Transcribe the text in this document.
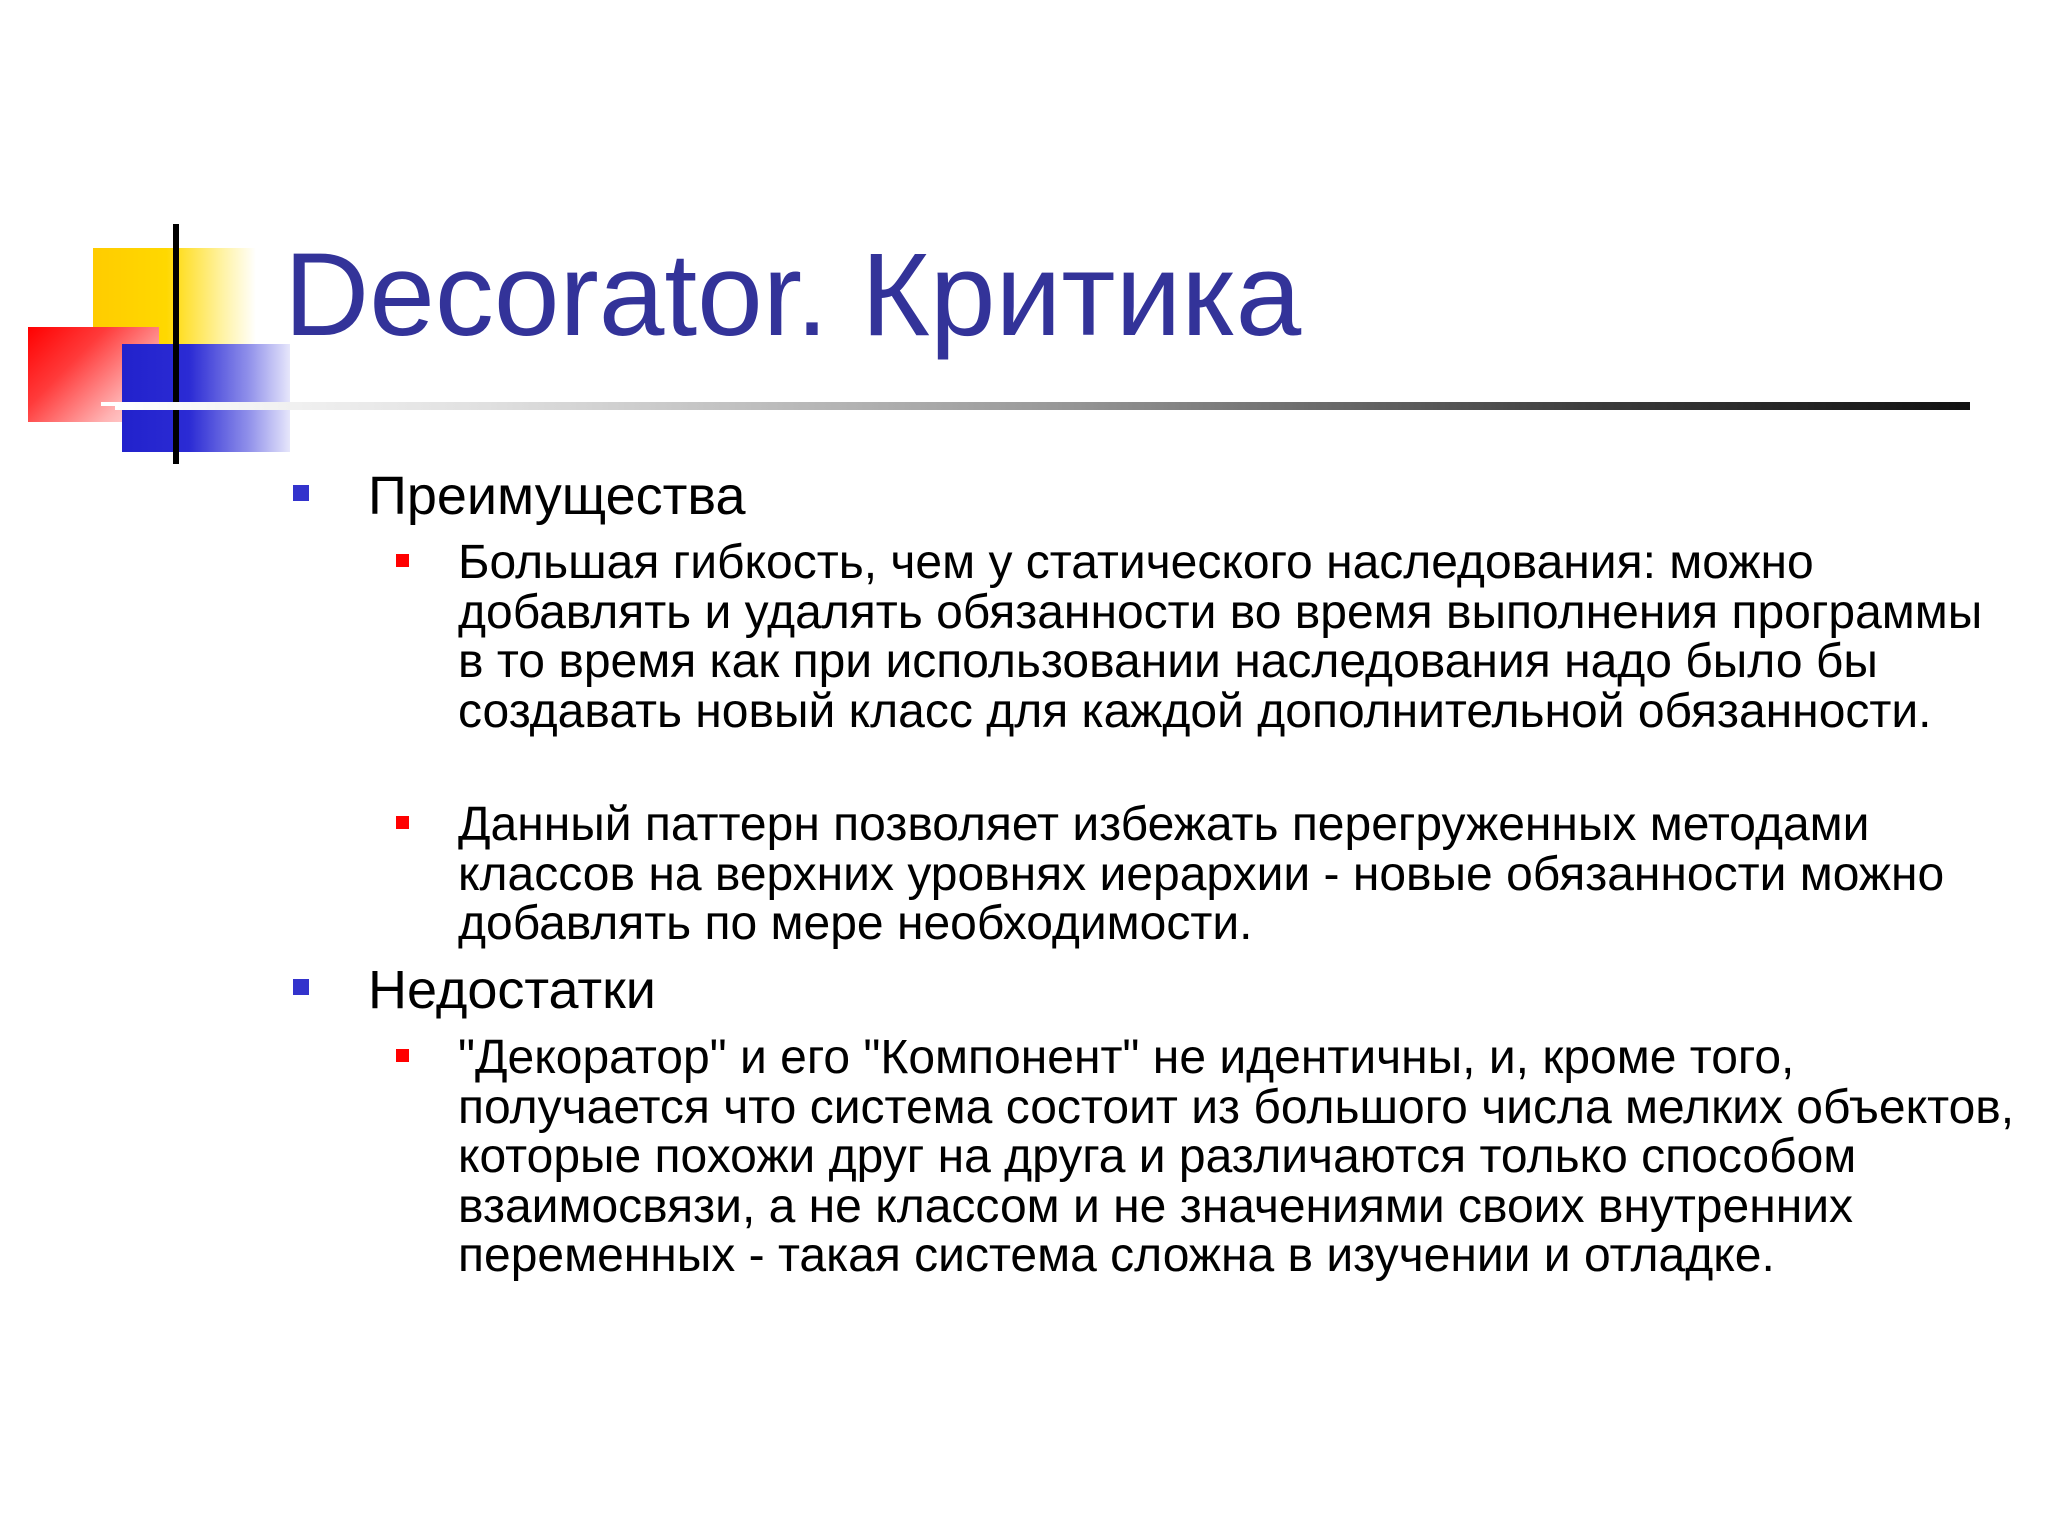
Decorator. Критика
Преимущества
Большая гибкость, чем у статического наследования: можно добавлять и удалять обязанности во время выполнения программы в то время как при использовании наследования надо было бы создавать новый класс для каждой дополнительной обязанности.
Данный паттерн позволяет избежать перегруженных методами классов на верхних уровнях иерархии - новые обязанности можно добавлять по мере необходимости.
Недостатки
"Декоратор" и его "Компонент" не идентичны, и, кроме того, получается что система состоит из большого числа мелких объектов, которые похожи друг на друга и различаются только способом взаимосвязи, а не классом и не значениями своих внутренних переменных - такая система сложна в изучении и отладке.
